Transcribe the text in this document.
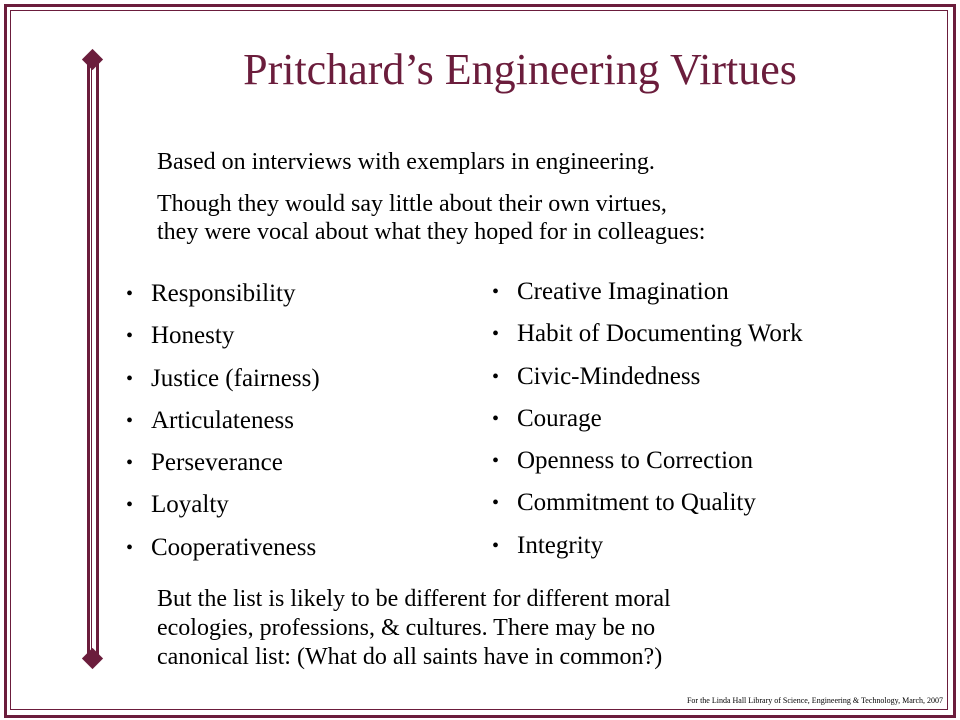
Pritchard’s Engineering Virtues
Based on interviews with exemplars in engineering.
Though they would say little about their own virtues,
they were vocal about what they hoped for in colleagues:
• Responsibility
• Honesty
• Justice (fairness)
• Articulateness
• Perseverance
• Loyalty
• Cooperativeness
• Creative Imagination
• Habit of Documenting Work
• Civic-Mindedness
• Courage
• Openness to Correction
• Commitment to Quality
• Integrity
But the list is likely to be different for different moral
ecologies, professions, & cultures. There may be no
canonical list: (What do all saints have in common?)
For the Linda Hall Library of Science, Engineering & Technology, March, 2007
